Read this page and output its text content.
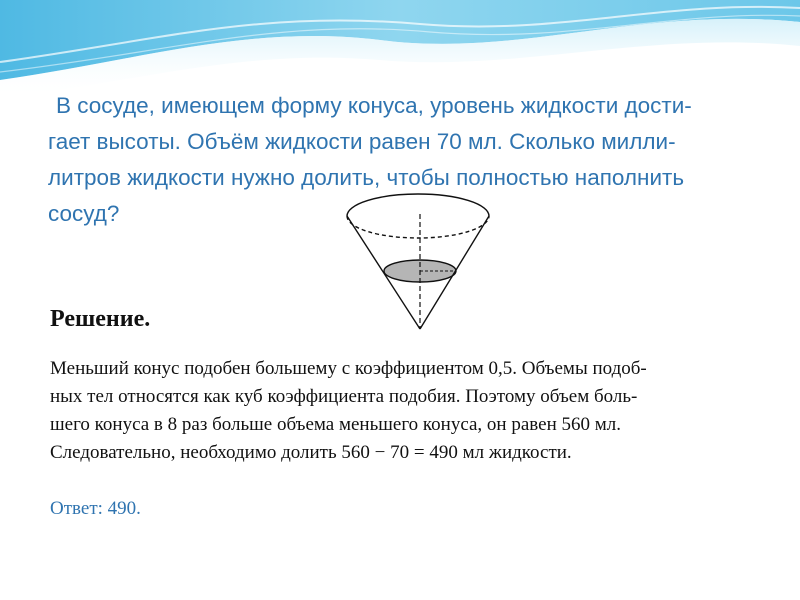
В сосуде, имеющем форму конуса, уровень жидкости дости-
гает высоты. Объём жидкости равен 70 мл. Сколько милли-
литров жидкости нужно долить, чтобы полностью наполнить
сосуд?

Решение.

Меньший конус подобен большему с коэффициентом 0,5. Объемы подоб-
ных тел относятся как куб коэффициента подобия. Поэтому объем боль-
шего конуса в 8 раз больше объема меньшего конуса, он равен 560 мл.
Следовательно, необходимо долить 560 − 70 = 490 мл жидкости.

Ответ: 490.
